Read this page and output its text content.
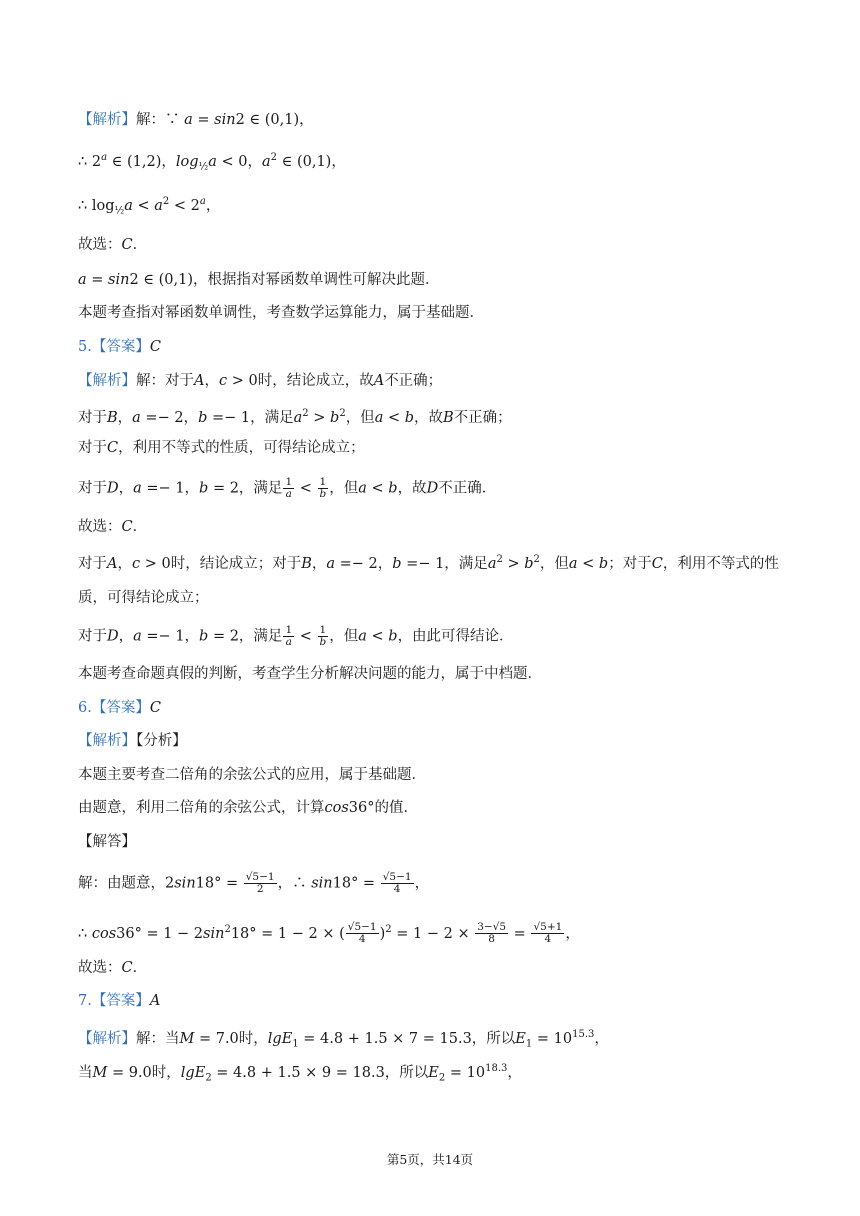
【解析】解：∵ a = sin2 ∈ (0,1)，
∴ 2$^a$ ∈ (1,2)，$\log_{\frac{1}{2}}a < 0$，$a^2$ ∈ (0,1)，
∴ $\log_{\frac{1}{2}}a < a^2 < 2^a$，
故选：C．
a = sin2 ∈ (0,1)，根据指对幂函数单调性可解决此题．
本题考查指对幂函数单调性，考查数学运算能力，属于基础题．
5.【答案】C
【解析】解：对于A，c > 0时，结论成立，故A不正确；
对于B，a =− 2，b =− 1，满足$a^2 > b^2$，但a < b，故B不正确；
对于C，利用不等式的性质，可得结论成立；
对于D，a =− 1，b = 2，满足 $\frac{1}{a} < \frac{1}{b}$ ，但a < b，故D不正确．
故选：C．
对于A，c > 0时，结论成立；对于B，a =− 2，b =− 1，满足$a^2 > b^2$，但a < b；对于C，利用不等式的性质，可得结论成立；
对于D，a =− 1，b = 2，满足 $\frac{1}{a} < \frac{1}{b}$ ，但a < b，由此可得结论．
本题考查命题真假的判断，考查学生分析解决问题的能力，属于中档题．
6.【答案】C
【解析】【分析】
本题主要考查二倍角的余弦公式的应用，属于基础题．
由题意，利用二倍角的余弦公式，计算cos36°的值．
【解答】
解：由题意，$2\sin 18^\circ = \frac{√5-1}{2}$ ，∴ $\sin 18^\circ = \frac{√5-1}{4}$ ，
∴ $\cos 36^\circ = 1 - 2\sin^218^\circ = 1 - 2$ × ( $\frac{√5-1}{4} )^2 = 1 - 2 \times \frac{3-√5}{8} = \frac{√5+1}{4}$ ，
故选：C．
7.【答案】A
【解析】解：当M = 7.0时，lgE$_1$ = 4.8 + 1.5 × 7 = 15.3，所以$E_1 = 10^{15.3}$，
当M = 9.0时，lgE$_2$ = 4.8 + 1.5 × 9 = 18.3，所以$E_2 = 10^{18.3}$，
第5页，共14页
